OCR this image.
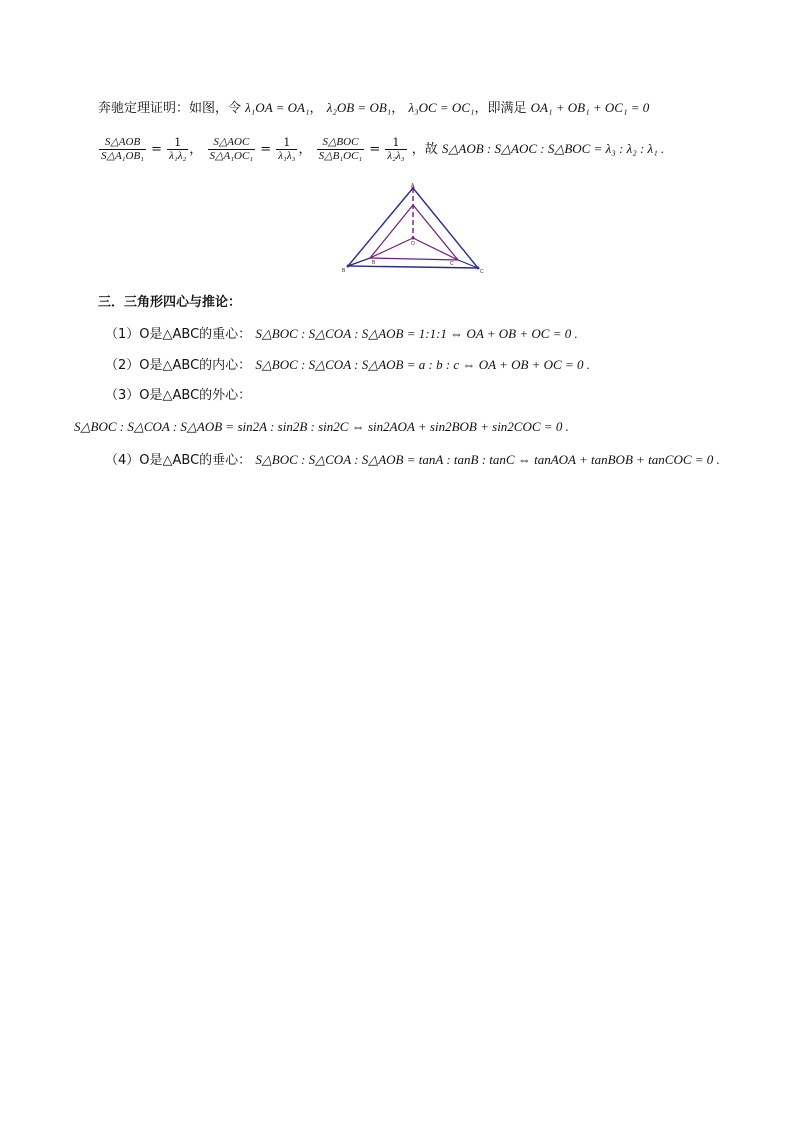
奔驰定理证明：如图，令 λ₁OA = OA₁， λ₂OB = OB₁， λ₃OC = OC₁，即满足 OA₁ + OB₁ + OC₁ = 0
$\frac{\text{S△AOB}}{\text{S△A₁OB₁}} = \frac{1}{\text{λ₁λ₂}}$ ， $\frac{\text{S△AOC}}{\text{S△A₁OC₁}} = \frac{1}{\text{λ₁λ₃}}$ ， $\frac{\text{S△BOC}}{\text{S△B₁OC₁}} = \frac{1}{\text{λ₂λ₃}}$ ，故 S△AOB : S△AOC : S△BOC = λ₃ : λ₂ : λ₁ .
A
B	C
O
B	C
三．三角形四心与推论：
（1）O是△ABC的重心： S△BOC : S△COA : S△AOB = 1:1:1 ⇔ OA + OB + OC = 0 .
（2）O是△ABC的内心： S△BOC : S△COA : S△AOB = a : b : c ⇔ OA + OB + OC = 0 .
（3）O是△ABC的外心：
S△BOC : S△COA : S△AOB = sin2A : sin2B : sin2C ⇔ sin2AOA + sin2BOB + sin2COC = 0 .
（4）O是△ABC的垂心： S△BOC : S△COA : S△AOB = tanA : tanB : tanC ⇔ tanAOA + tanBOB + tanCOC = 0 .
